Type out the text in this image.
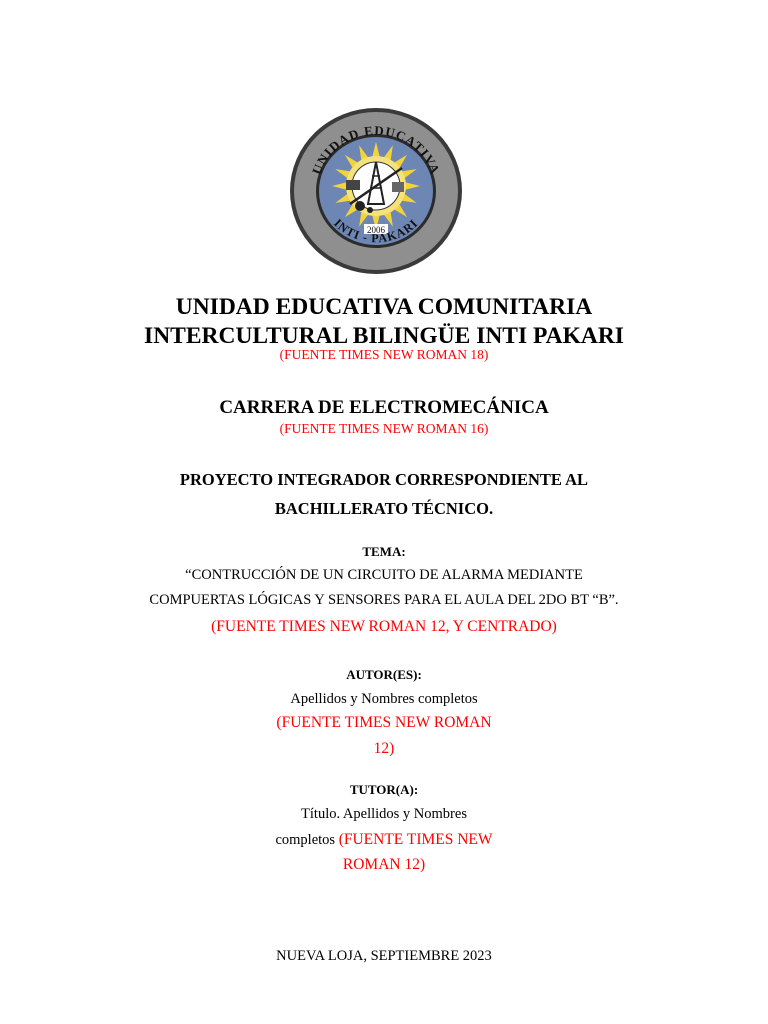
2006
UNIDAD EDUCATIVA
INTI - PAKARI

UNIDAD EDUCATIVA COMUNITARIA

INTERCULTURAL BILINGÜE INTI PAKARI

(FUENTE TIMES NEW ROMAN 18)

CARRERA DE ELECTROMECÁNICA

(FUENTE TIMES NEW ROMAN 16)

PROYECTO INTEGRADOR CORRESPONDIENTE AL

BACHILLERATO TÉCNICO.

TEMA:

“CONTRUCCIÓN DE UN CIRCUITO DE ALARMA MEDIANTE

COMPUERTAS LÓGICAS Y SENSORES PARA EL AULA DEL 2DO BT “B”.

(FUENTE TIMES NEW ROMAN 12, Y CENTRADO)

AUTOR(ES):

Apellidos y Nombres completos

(FUENTE TIMES NEW ROMAN

12)

TUTOR(A):

Título. Apellidos y Nombres

completos (FUENTE TIMES NEW

ROMAN 12)

NUEVA LOJA, SEPTIEMBRE 2023
